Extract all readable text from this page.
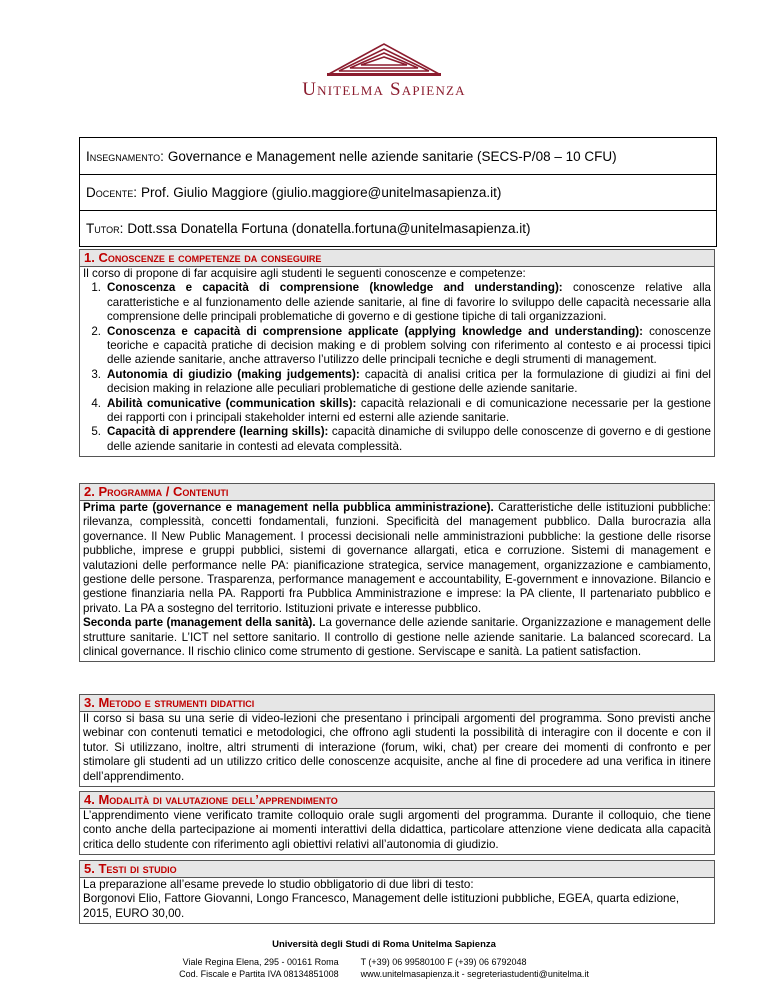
Unitelma Sapienza
Insegnamento: Governance e Management nelle aziende sanitarie (SECS-P/08 – 10 CFU)
Docente: Prof. Giulio Maggiore (giulio.maggiore@unitelmasapienza.it)
Tutor: Dott.ssa Donatella Fortuna (donatella.fortuna@unitelmasapienza.it)
1. Conoscenze e competenze da conseguire

Il corso di propone di far acquisire agli studenti le seguenti conoscenze e competenze:

1. Conoscenza e capacità di comprensione (knowledge and understanding): conoscenze relative alla caratteristiche e al funzionamento delle aziende sanitarie, al fine di favorire lo sviluppo delle capacità necessarie alla comprensione delle principali problematiche di governo e di gestione tipiche di tali organizzazioni.
2. Conoscenza e capacità di comprensione applicate (applying knowledge and understanding): conoscenze teoriche e capacità pratiche di decision making e di problem solving con riferimento al contesto e ai processi tipici delle aziende sanitarie, anche attraverso l’utilizzo delle principali tecniche e degli strumenti di management.
3. Autonomia di giudizio (making judgements): capacità di analisi critica per la formulazione di giudizi ai fini del decision making in relazione alle peculiari problematiche di gestione delle aziende sanitarie.
4. Abilità comunicative (communication skills): capacità relazionali e di comunicazione necessarie per la gestione dei rapporti con i principali stakeholder interni ed esterni alle aziende sanitarie.
5. Capacità di apprendere (learning skills): capacità dinamiche di sviluppo delle conoscenze di governo e di gestione delle aziende sanitarie in contesti ad elevata complessità.
2. Programma / Contenuti

Prima parte (governance e management nella pubblica amministrazione). Caratteristiche delle istituzioni pubbliche: rilevanza, complessità, concetti fondamentali, funzioni. Specificità del management pubblico. Dalla burocrazia alla governance. Il New Public Management. I processi decisionali nelle amministrazioni pubbliche: la gestione delle risorse pubbliche, imprese e gruppi pubblici, sistemi di governance allargati, etica e corruzione. Sistemi di management e valutazioni delle performance nelle PA: pianificazione strategica, service management, organizzazione e cambiamento, gestione delle persone. Trasparenza, performance management e accountability, E-government e innovazione. Bilancio e gestione finanziaria nella PA. Rapporti fra Pubblica Amministrazione e imprese: la PA cliente, Il partenariato pubblico e privato. La PA a sostegno del territorio. Istituzioni private e interesse pubblico.

Seconda parte (management della sanità). La governance delle aziende sanitarie. Organizzazione e management delle strutture sanitarie. L’ICT nel settore sanitario. Il controllo di gestione nelle aziende sanitarie. La balanced scorecard. La clinical governance. Il rischio clinico come strumento di gestione. Serviscape e sanità. La patient satisfaction.

3. Metodo e strumenti didattici

Il corso si basa su una serie di video-lezioni che presentano i principali argomenti del programma. Sono previsti anche webinar con contenuti tematici e metodologici, che offrono agli studenti la possibilità di interagire con il docente e con il tutor. Si utilizzano, inoltre, altri strumenti di interazione (forum, wiki, chat) per creare dei momenti di confronto e per stimolare gli studenti ad un utilizzo critico delle conoscenze acquisite, anche al fine di procedere ad una verifica in itinere dell’apprendimento.

4. Modalità di valutazione dell’apprendimento

L’apprendimento viene verificato tramite colloquio orale sugli argomenti del programma. Durante il colloquio, che tiene conto anche della partecipazione ai momenti interattivi della didattica, particolare attenzione viene dedicata alla capacità critica dello studente con riferimento agli obiettivi relativi all’autonomia di giudizio.

5. Testi di studio

La preparazione all’esame prevede lo studio obbligatorio di due libri di testo:

Borgonovi Elio, Fattore Giovanni, Longo Francesco, Management delle istituzioni pubbliche, EGEA, quarta edizione, 2015, EURO 30,00.

Università degli Studi di Roma Unitelma Sapienza
Viale Regina Elena, 295 - 00161 Roma
Cod. Fiscale e Partita IVA 08134851008
T (+39) 06 99580100 F (+39) 06 6792048
www.unitelmasapienza.it - segreteriastudenti@unitelma.it
